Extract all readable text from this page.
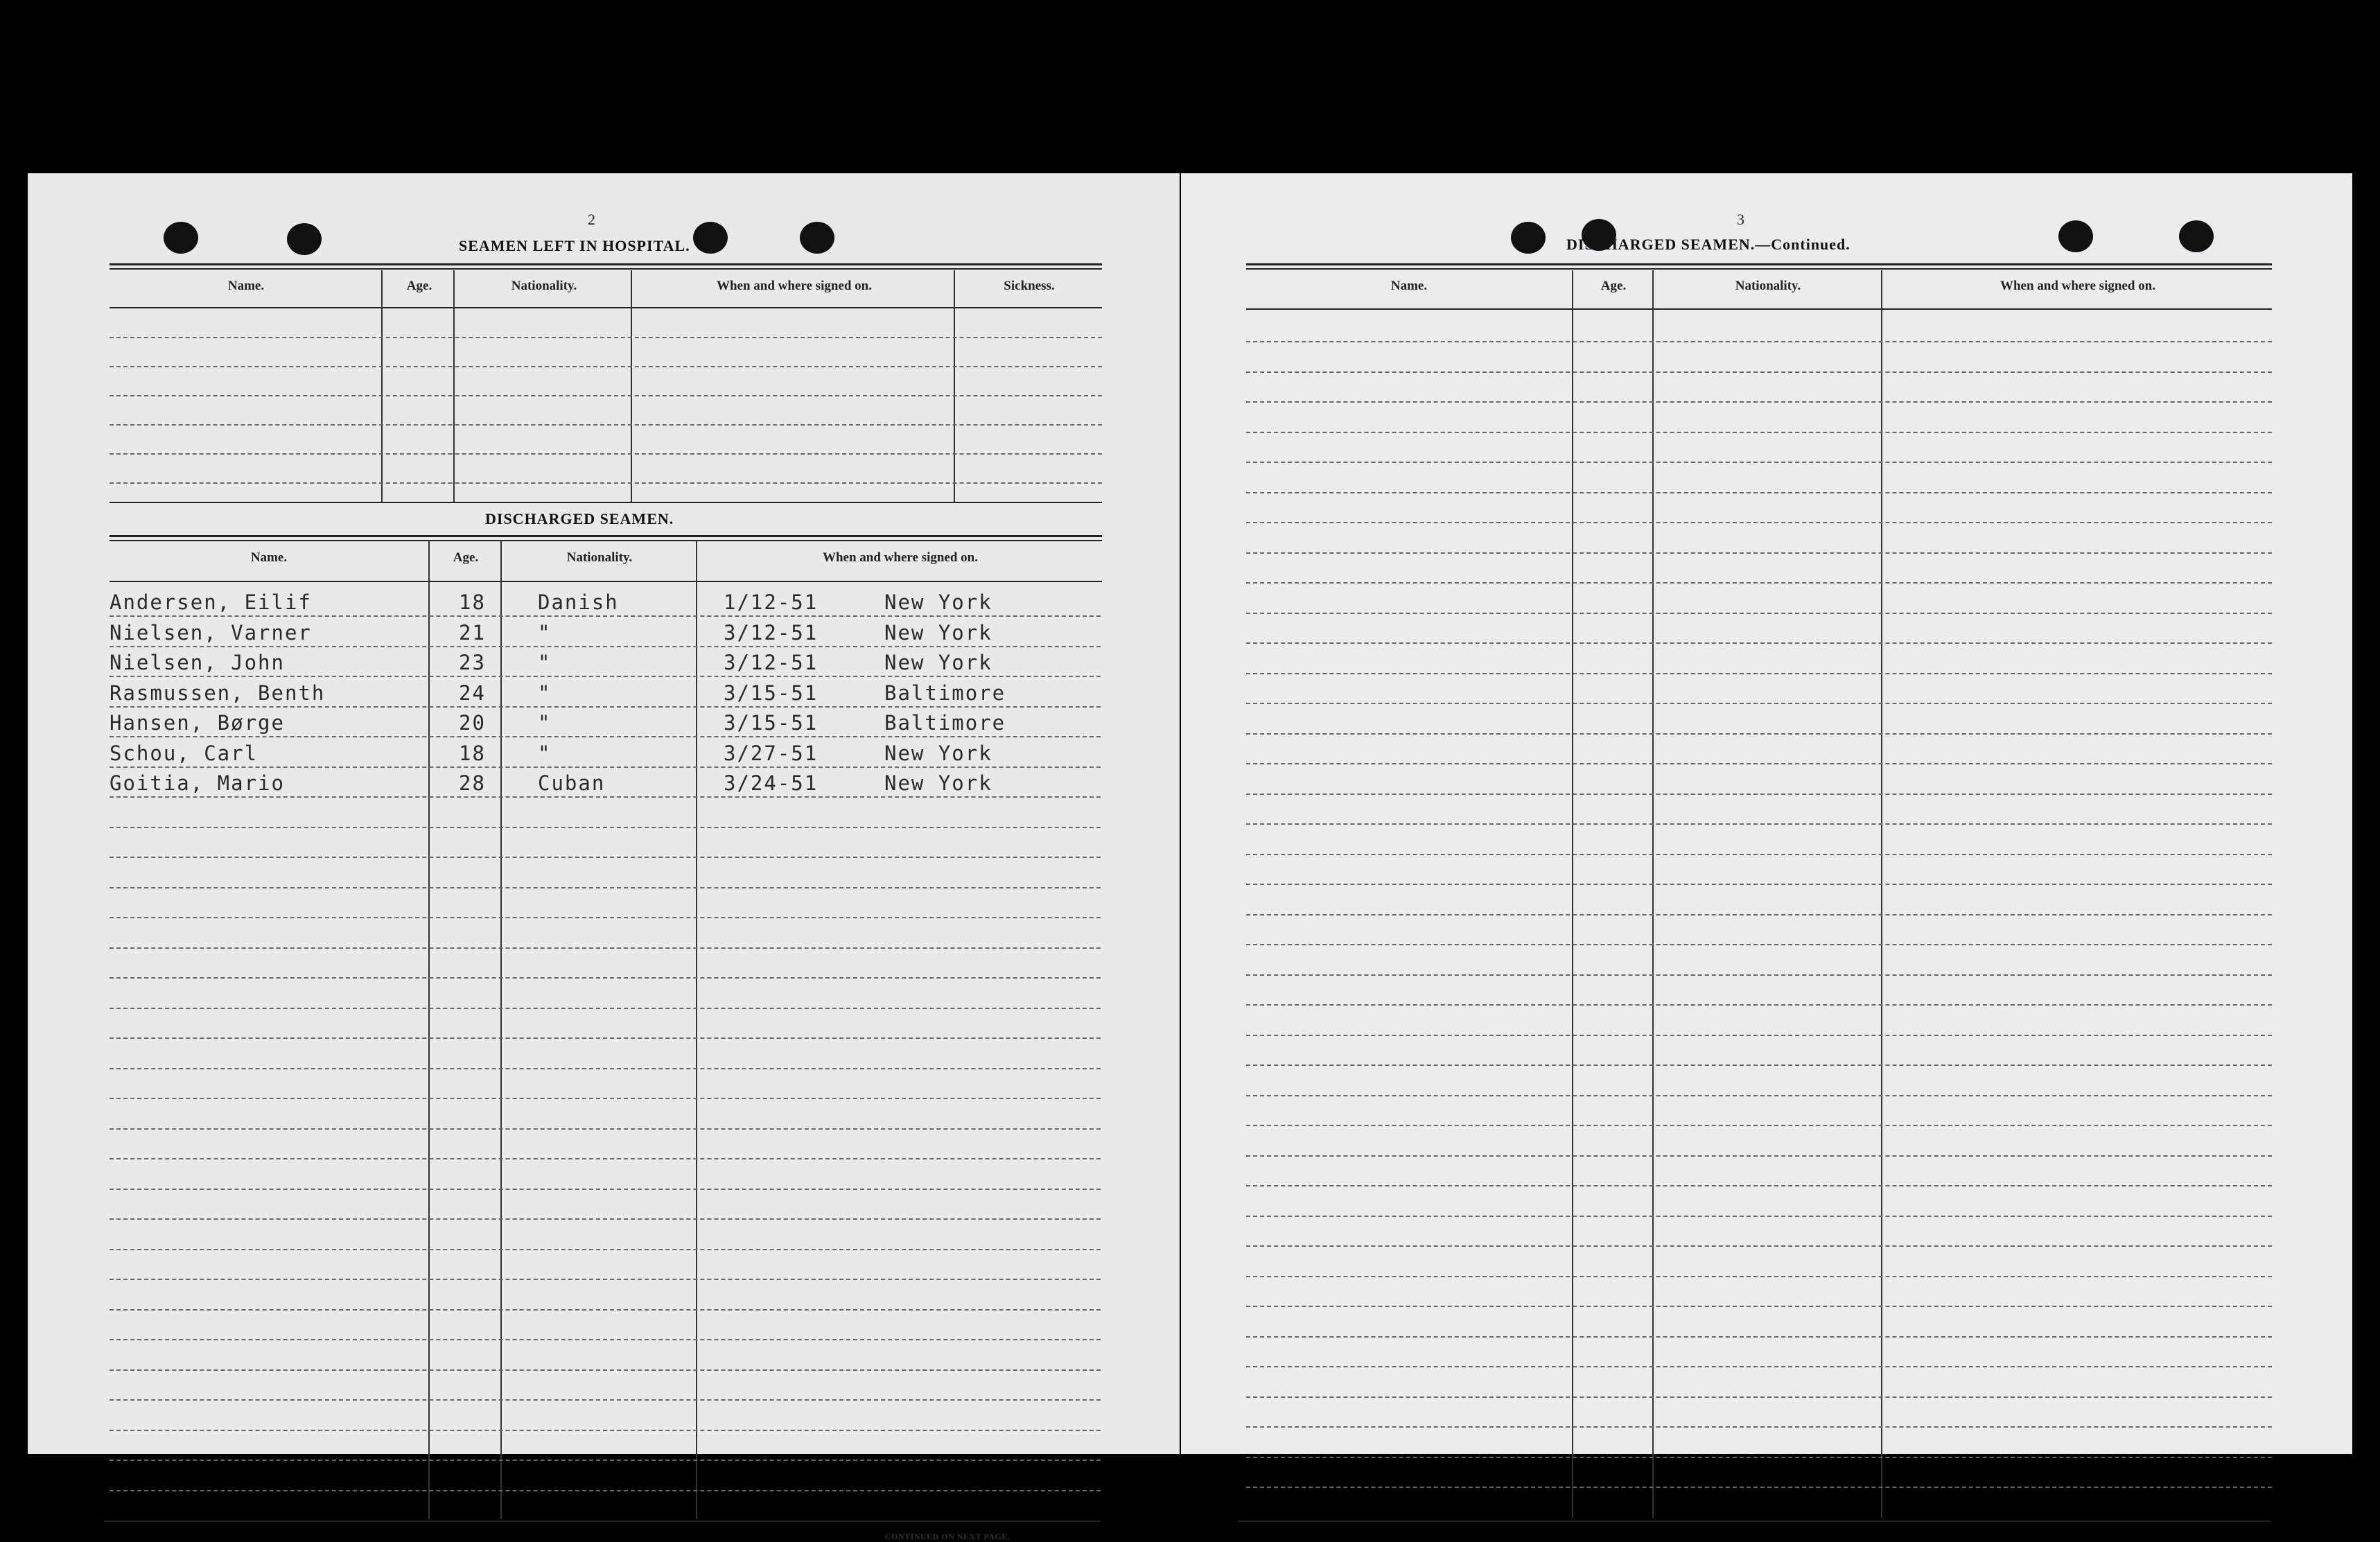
2
SEAMEN LEFT IN HOSPITAL.
Name.	Age.	Nationality.	When and where signed on.	Sickness.
DISCHARGED SEAMEN.
Name.	Age.	Nationality.	When and where signed on.
Andersen, Eilif	18	Danish	1/12-51	New York
Nielsen, Varner	21	"	3/12-51	New York
Nielsen, John	23	"	3/12-51	New York
Rasmussen, Benth	24	"	3/15-51	Baltimore
Hansen, Børge	20	"	3/15-51	Baltimore
Schou, Carl	18	"	3/27-51	New York
Goitia, Mario	28	Cuban	3/24-51	New York
CONTINUED ON NEXT PAGE.
3
DISCHARGED SEAMEN.—Continued.
Name.	Age.	Nationality.	When and where signed on.
